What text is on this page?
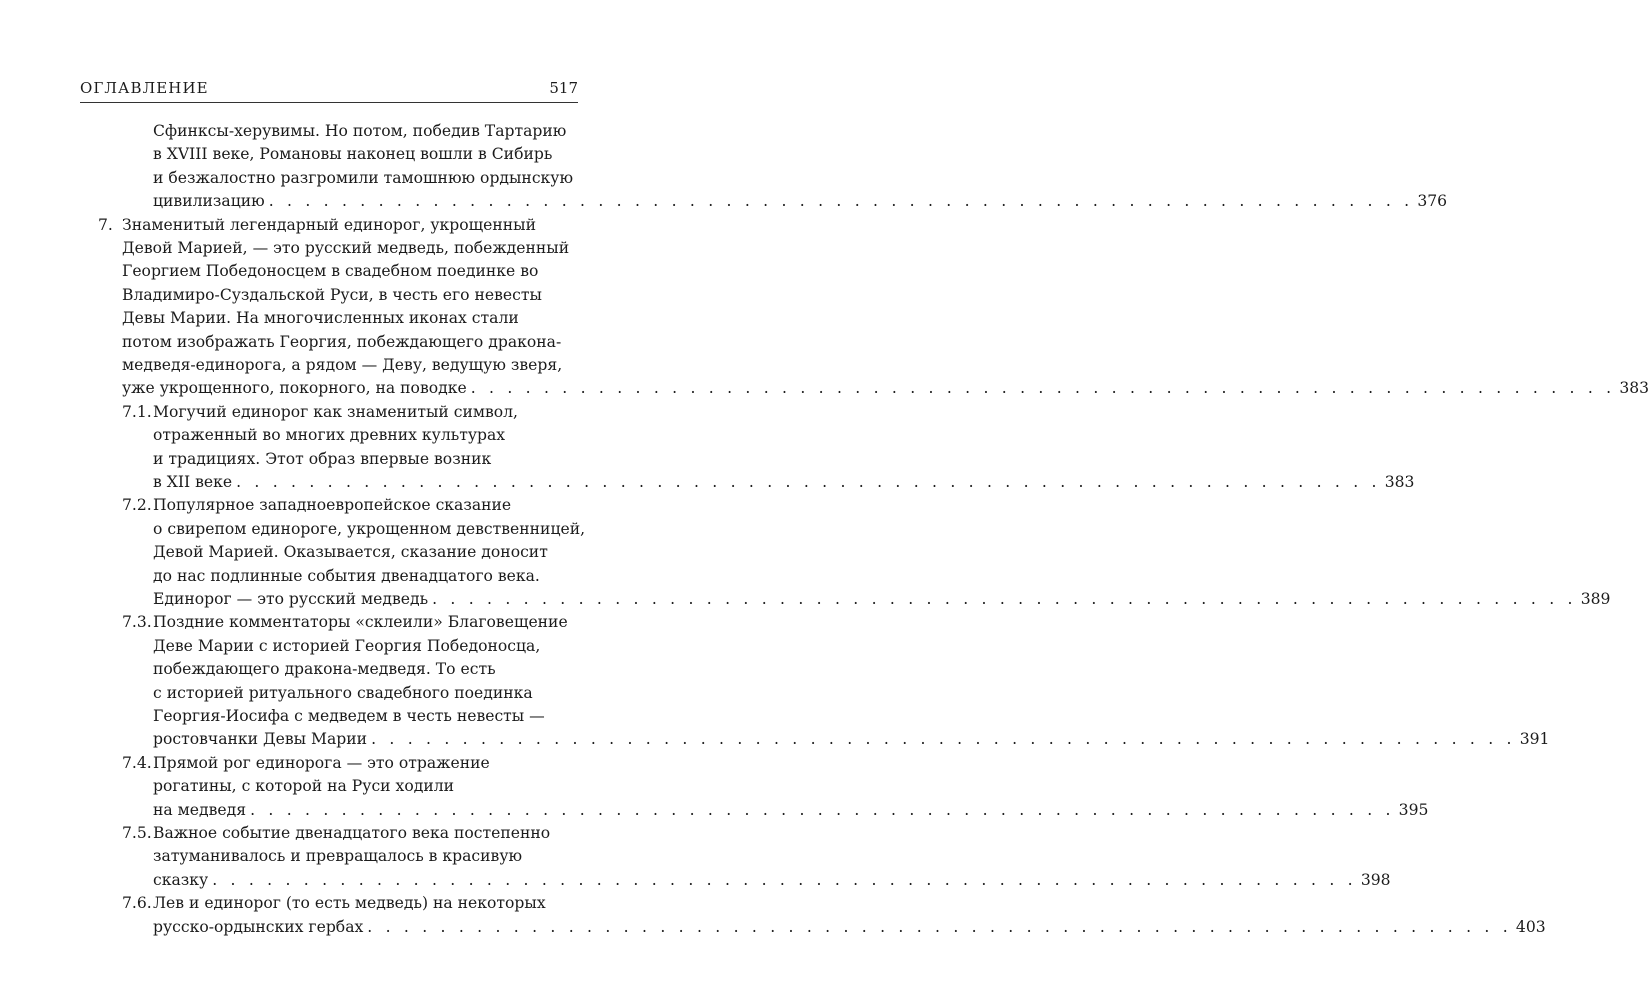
ОГЛАВЛЕНИЕ	517
Сфинксы-херувимы. Но потом, победив Тартарию
в XVIII веке, Романовы наконец вошли в Сибирь
и безжалостно разгромили тамошнюю ордынскую
цивилизацию . . . . . . . . . . . . . . . . . . . . . . . . . . . . . . . . . . . . . . . . . . . . . . . . . . . . . . . . . . . . . . . 376
7. Знаменитый легендарный единорог, укрощенный
Девой Марией, — это русский медведь, побежденный
Георгием Победоносцем в свадебном поединке во
Владимиро-Суздальской Руси, в честь его невесты
Девы Марии. На многочисленных иконах стали
потом изображать Георгия, побеждающего дракона-
медведя-единорога, а рядом — Деву, ведущую зверя,
уже укрощенного, покорного, на поводке . . . . . . . . . . . . . . . . . . . . . . . . . . . . . . . . . . . . . . . . . . . . . . . . . . . . . . . . . . . . . . . 383
7.1. Могучий единорог как знаменитый символ,
отраженный во многих древних культурах
и традициях. Этот образ впервые возник
в XII веке . . . . . . . . . . . . . . . . . . . . . . . . . . . . . . . . . . . . . . . . . . . . . . . . . . . . . . . . . . . . . . . 383
7.2. Популярное западноевропейское сказание
о свирепом единороге, укрощенном девственницей,
Девой Марией. Оказывается, сказание доносит
до нас подлинные события двенадцатого века.
Единорог — это русский медведь . . . . . . . . . . . . . . . . . . . . . . . . . . . . . . . . . . . . . . . . . . . . . . . . . . . . . . . . . . . . . . . 389
7.3. Поздние комментаторы «склеили» Благовещение
Деве Марии с историей Георгия Победоносца,
побеждающего дракона-медведя. То есть
с историей ритуального свадебного поединка
Георгия-Иосифа с медведем в честь невесты —
ростовчанки Девы Марии . . . . . . . . . . . . . . . . . . . . . . . . . . . . . . . . . . . . . . . . . . . . . . . . . . . . . . . . . . . . . . . 391
7.4. Прямой рог единорога — это отражение
рогатины, с которой на Руси ходили
на медведя . . . . . . . . . . . . . . . . . . . . . . . . . . . . . . . . . . . . . . . . . . . . . . . . . . . . . . . . . . . . . . . 395
7.5. Важное событие двенадцатого века постепенно
затуманивалось и превращалось в красивую
сказку . . . . . . . . . . . . . . . . . . . . . . . . . . . . . . . . . . . . . . . . . . . . . . . . . . . . . . . . . . . . . . . 398
7.6. Лев и единорог (то есть медведь) на некоторых
русско-ордынских гербах . . . . . . . . . . . . . . . . . . . . . . . . . . . . . . . . . . . . . . . . . . . . . . . . . . . . . . . . . . . . . . . 403
